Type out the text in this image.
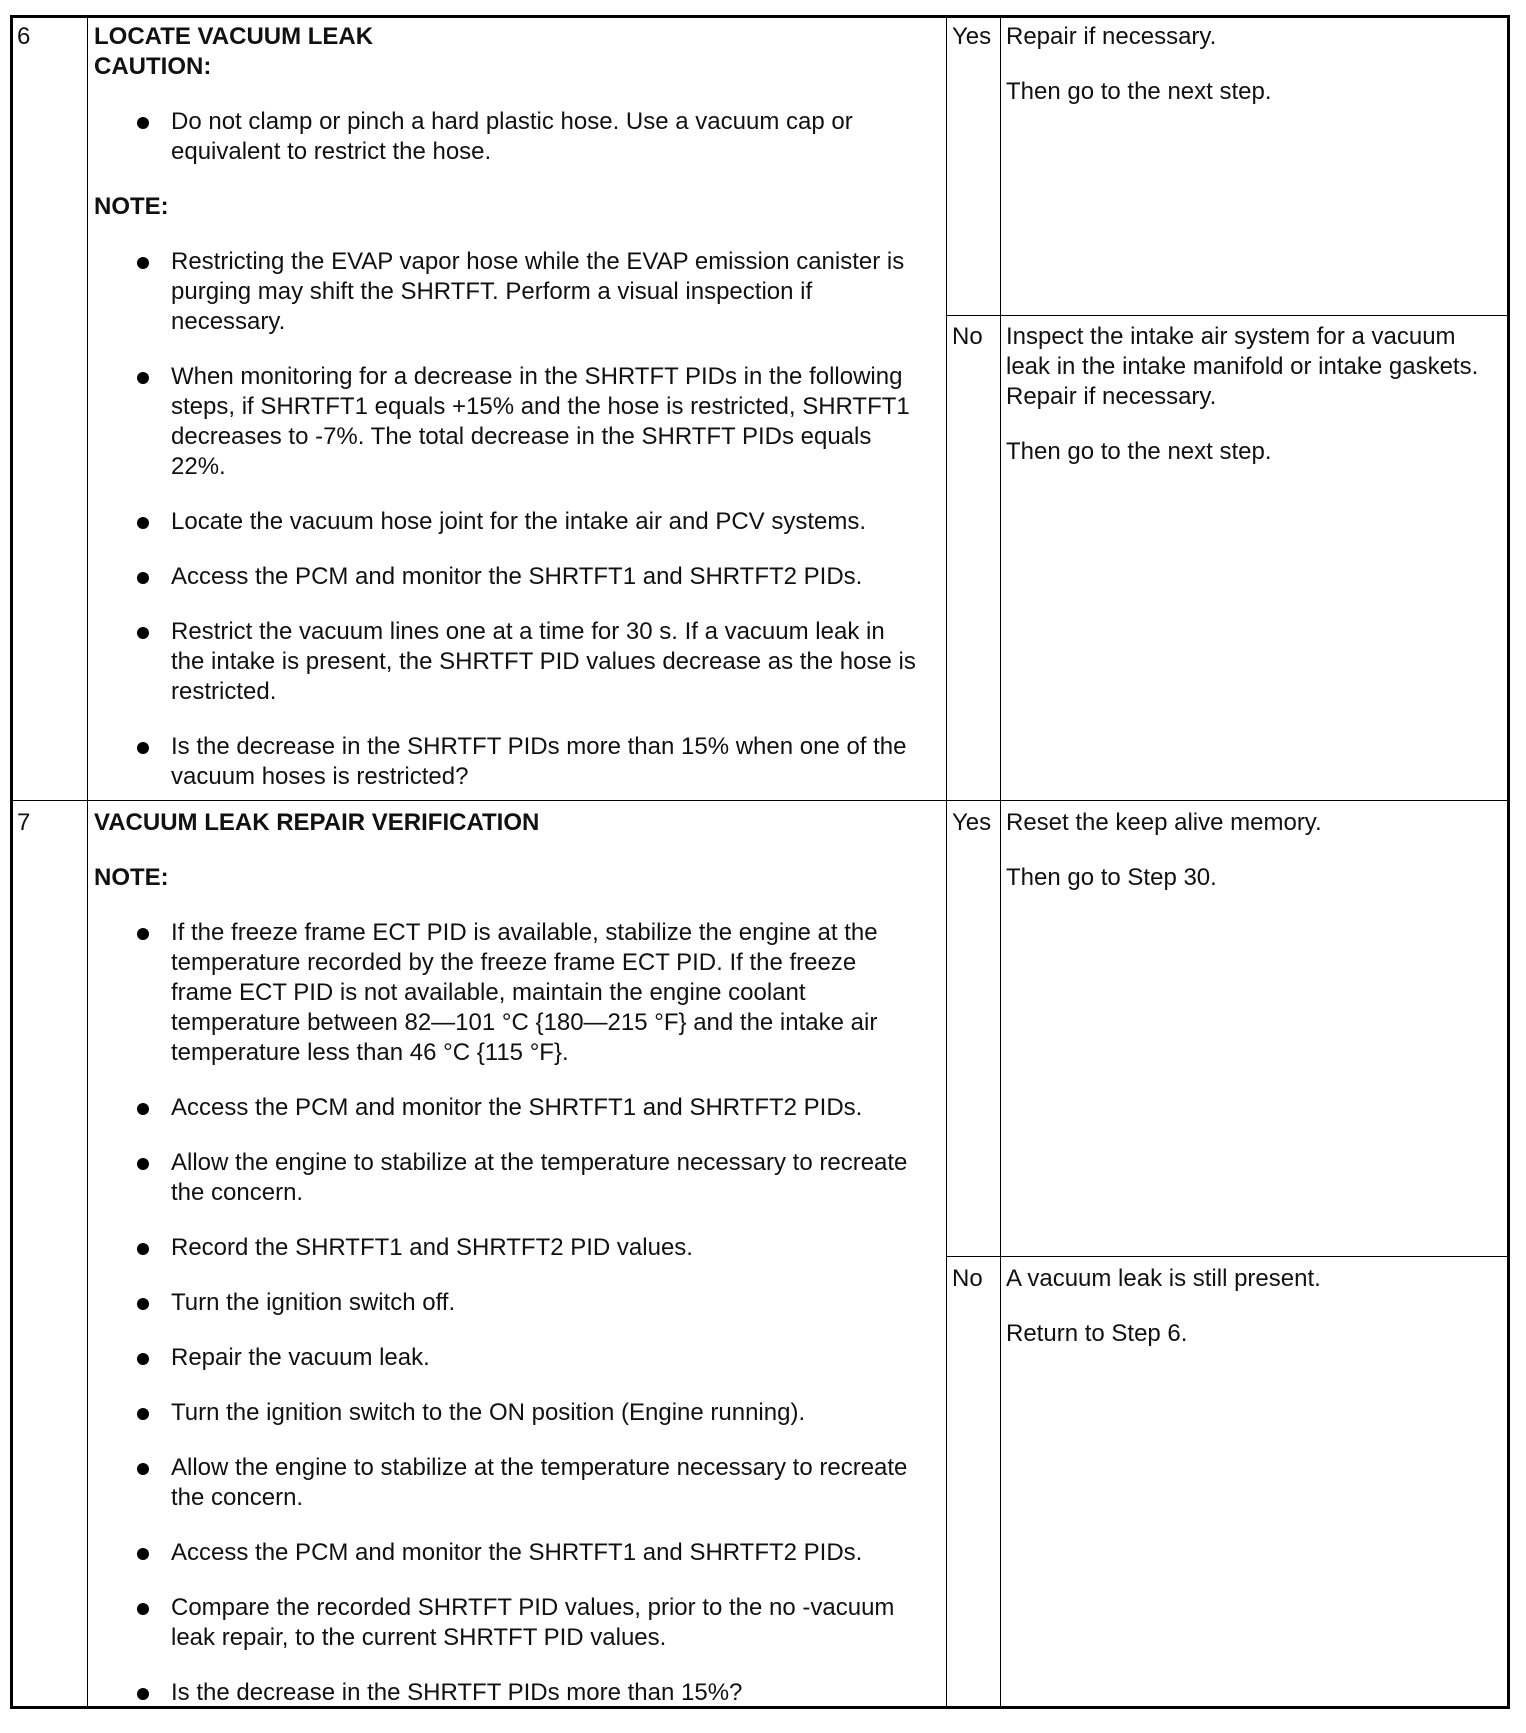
6	LOCATE VACUUM LEAK

CAUTION:

Do not clamp or pinch a hard plastic hose. Use a vacuum cap or equivalent to restrict the hose.

NOTE:

Restricting the EVAP vapor hose while the EVAP emission canister is purging may shift the SHRTFT. Perform a visual inspection if necessary.
When monitoring for a decrease in the SHRTFT PIDs in the following steps, if SHRTFT1 equals +15% and the hose is restricted, SHRTFT1 decreases to -7%. The total decrease in the SHRTFT PIDs equals 22%.
Locate the vacuum hose joint for the intake air and PCV systems.
Access the PCM and monitor the SHRTFT1 and SHRTFT2 PIDs.
Restrict the vacuum lines one at a time for 30 s. If a vacuum leak in the intake is present, the SHRTFT PID values decrease as the hose is restricted.
Is the decrease in the SHRTFT PIDs more than 15% when one of the vacuum hoses is restricted?
Yes Repair if necessary.

Then go to the next step.

No Inspect the intake air system for a vacuum leak in the intake manifold or intake gaskets. Repair if necessary.

Then go to the next step.

7	VACUUM LEAK REPAIR VERIFICATION

NOTE:

If the freeze frame ECT PID is available, stabilize the engine at the temperature recorded by the freeze frame ECT PID. If the freeze frame ECT PID is not available, maintain the engine coolant temperature between 82—101 °C {180—215 °F} and the intake air temperature less than 46 °C {115 °F}.
Access the PCM and monitor the SHRTFT1 and SHRTFT2 PIDs.
Allow the engine to stabilize at the temperature necessary to recreate the concern.
Record the SHRTFT1 and SHRTFT2 PID values.
Turn the ignition switch off.
Repair the vacuum leak.
Turn the ignition switch to the ON position (Engine running).
Allow the engine to stabilize at the temperature necessary to recreate the concern.
Access the PCM and monitor the SHRTFT1 and SHRTFT2 PIDs.
Compare the recorded SHRTFT PID values, prior to the no -vacuum leak repair, to the current SHRTFT PID values.
Is the decrease in the SHRTFT PIDs more than 15%?
Yes Reset the keep alive memory.

Then go to Step 30.

No A vacuum leak is still present.

Return to Step 6.
